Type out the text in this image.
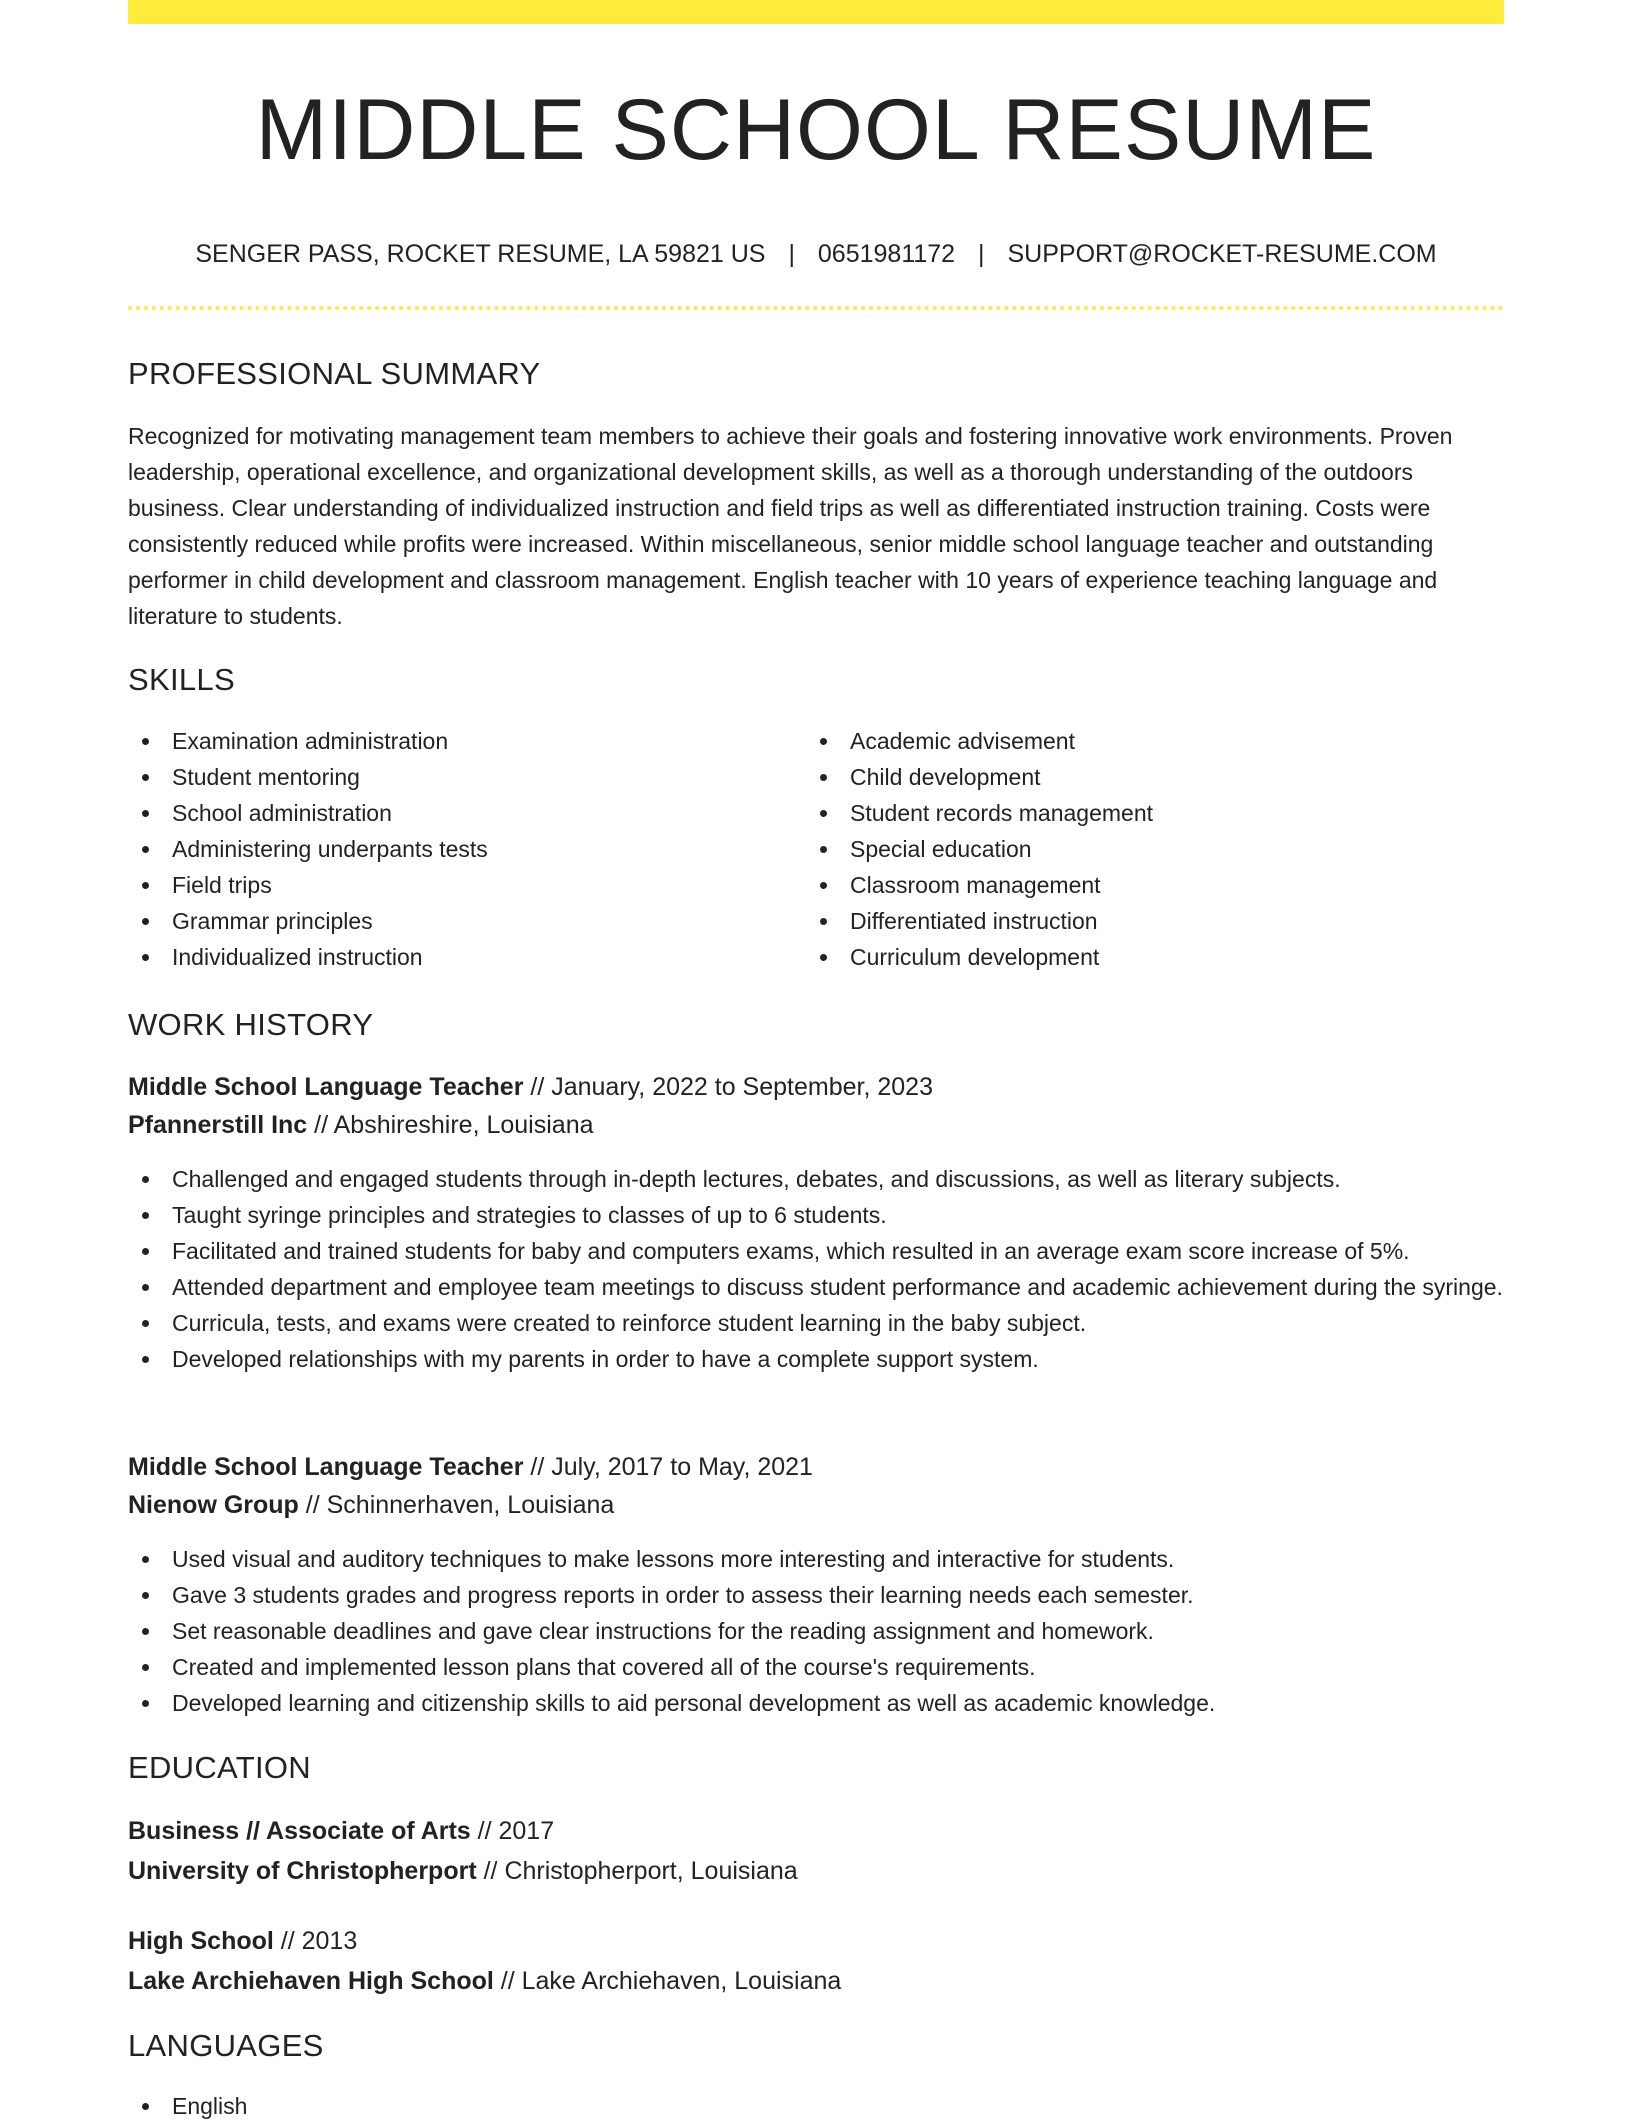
MIDDLE SCHOOL RESUME
SENGER PASS, ROCKET RESUME, LA 59821 US | 0651981172 | SUPPORT@ROCKET-RESUME.COM
PROFESSIONAL SUMMARY
Recognized for motivating management team members to achieve their goals and fostering innovative work environments. Proven leadership, operational excellence, and organizational development skills, as well as a thorough understanding of the outdoors business. Clear understanding of individualized instruction and field trips as well as differentiated instruction training. Costs were consistently reduced while profits were increased. Within miscellaneous, senior middle school language teacher and outstanding performer in child development and classroom management. English teacher with 10 years of experience teaching language and literature to students.
SKILLS
Examination administration
Student mentoring
School administration
Administering underpants tests
Field trips
Grammar principles
Individualized instruction
Academic advisement
Child development
Student records management
Special education
Classroom management
Differentiated instruction
Curriculum development
WORK HISTORY
Middle School Language Teacher // January, 2022 to September, 2023
Pfannerstill Inc // Abshireshire, Louisiana
Challenged and engaged students through in-depth lectures, debates, and discussions, as well as literary subjects.
Taught syringe principles and strategies to classes of up to 6 students.
Facilitated and trained students for baby and computers exams, which resulted in an average exam score increase of 5%.
Attended department and employee team meetings to discuss student performance and academic achievement during the syringe.
Curricula, tests, and exams were created to reinforce student learning in the baby subject.
Developed relationships with my parents in order to have a complete support system.
Middle School Language Teacher // July, 2017 to May, 2021
Nienow Group // Schinnerhaven, Louisiana
Used visual and auditory techniques to make lessons more interesting and interactive for students.
Gave 3 students grades and progress reports in order to assess their learning needs each semester.
Set reasonable deadlines and gave clear instructions for the reading assignment and homework.
Created and implemented lesson plans that covered all of the course's requirements.
Developed learning and citizenship skills to aid personal development as well as academic knowledge.
EDUCATION
Business // Associate of Arts // 2017
University of Christopherport // Christopherport, Louisiana
High School // 2013
Lake Archiehaven High School // Lake Archiehaven, Louisiana
LANGUAGES
English
